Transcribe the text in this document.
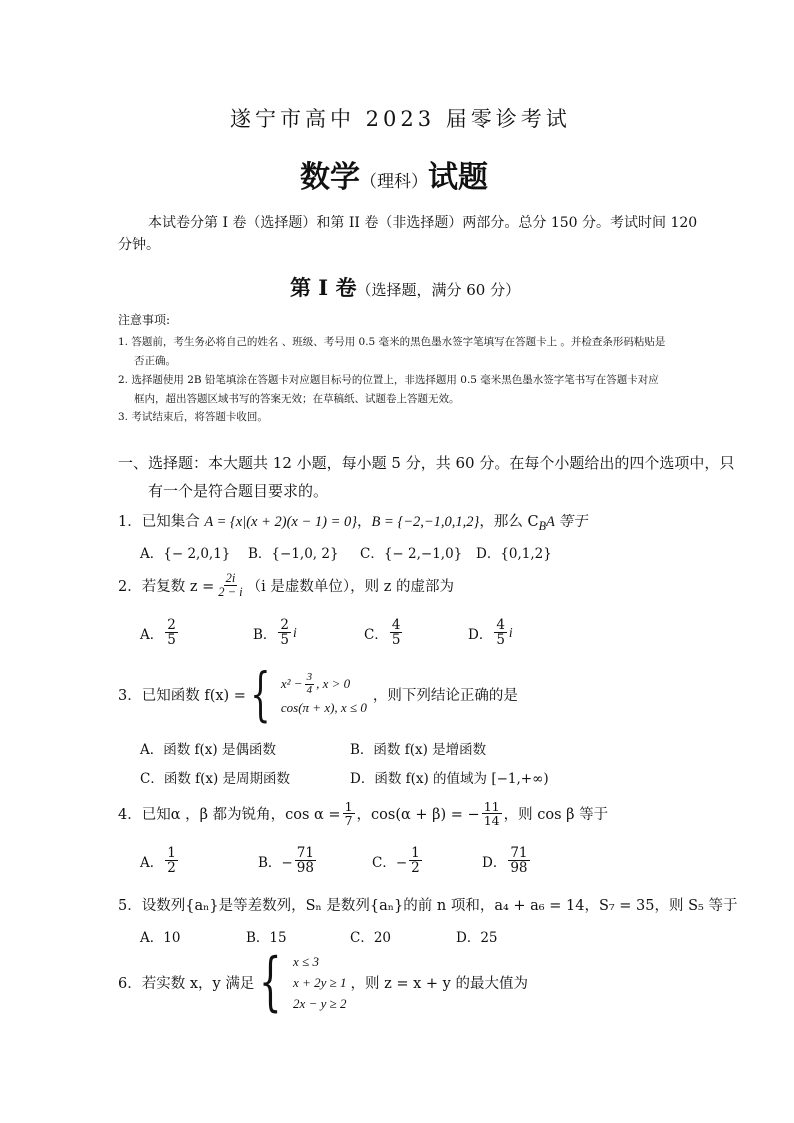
遂宁市高中 2023 届零诊考试
数学（理科）试题
本试卷分第 I 卷（选择题）和第 II 卷（非选择题）两部分。总分 150 分。考试时间 120
分钟。
第 Ⅰ 卷（选择题，满分 60 分）
注意事项:
1. 答题前，考生务必将自己的姓名 、班级、考号用 0.5 毫米的黑色墨水签字笔填写在答题卡上 。并检查条形码粘贴是
否正确。
2. 选择题使用 2B 铅笔填涂在答题卡对应题目标号的位置上，非选择题用 0.5 毫米黑色墨水签字笔书写在答题卡对应
框内，超出答题区域书写的答案无效；在草稿纸、试题卷上答题无效。
3. 考试结束后，将答题卡收回。
一、选择题：本大题共 12 小题，每小题 5 分，共 60 分。在每个小题给出的四个选项中，只
有一个是符合题目要求的。
1．已知集合 A = {x|(x + 2)(x − 1) = 0}，B = {−2,−1,0,1,2}，那么 $C_BA$ 等于
A．{− 2,0,1} B．{−1,0, 2} C．{− 2,−1,0} D．{0,1,2}
2． 若复数 $z = \frac{2i}{2 - i} (i$ 是虚数单位），则 z 的虚部为
A． $\frac{2}{5}$	B． $\frac{2}{5}$ i	C． $\frac{4}{5}$	D． $\frac{4}{5}$ i
3． 已知函数 f(x) = { $x^2 - \frac{3}{4}$ , x > 0
cos(π + x), x ≤ 0
，则下列结论正确的是
A．函数 f(x) 是偶函数	B．函数 f(x) 是增函数
C．函数 f(x) 是周期函数	D．函数 f(x) 的值域为 [−1,+∞)
4． 已知α ，β 都为锐角，$\cos \alpha = \frac{1}{7}$ ，cos(α + β) = − $\frac{11}{14}$ ，则 cos β 等于
A． $\frac{1}{2}$	B．− $\frac{71}{98}$	C．− $\frac{1}{2}$	D． $\frac{71}{98}$
5．设数列{aₙ}是等差数列，Sₙ 是数列{aₙ}的前 n 项和，a₄ + a₆ = 14，S₇ = 35，则 S₅ 等于
A．10	B．15	C．20	D．25
6． 若实数 x，y 满足 { x ≤ 3
x + 2y ≥ 1
2x − y ≥ 2
，则 z = x + y 的最大值为
